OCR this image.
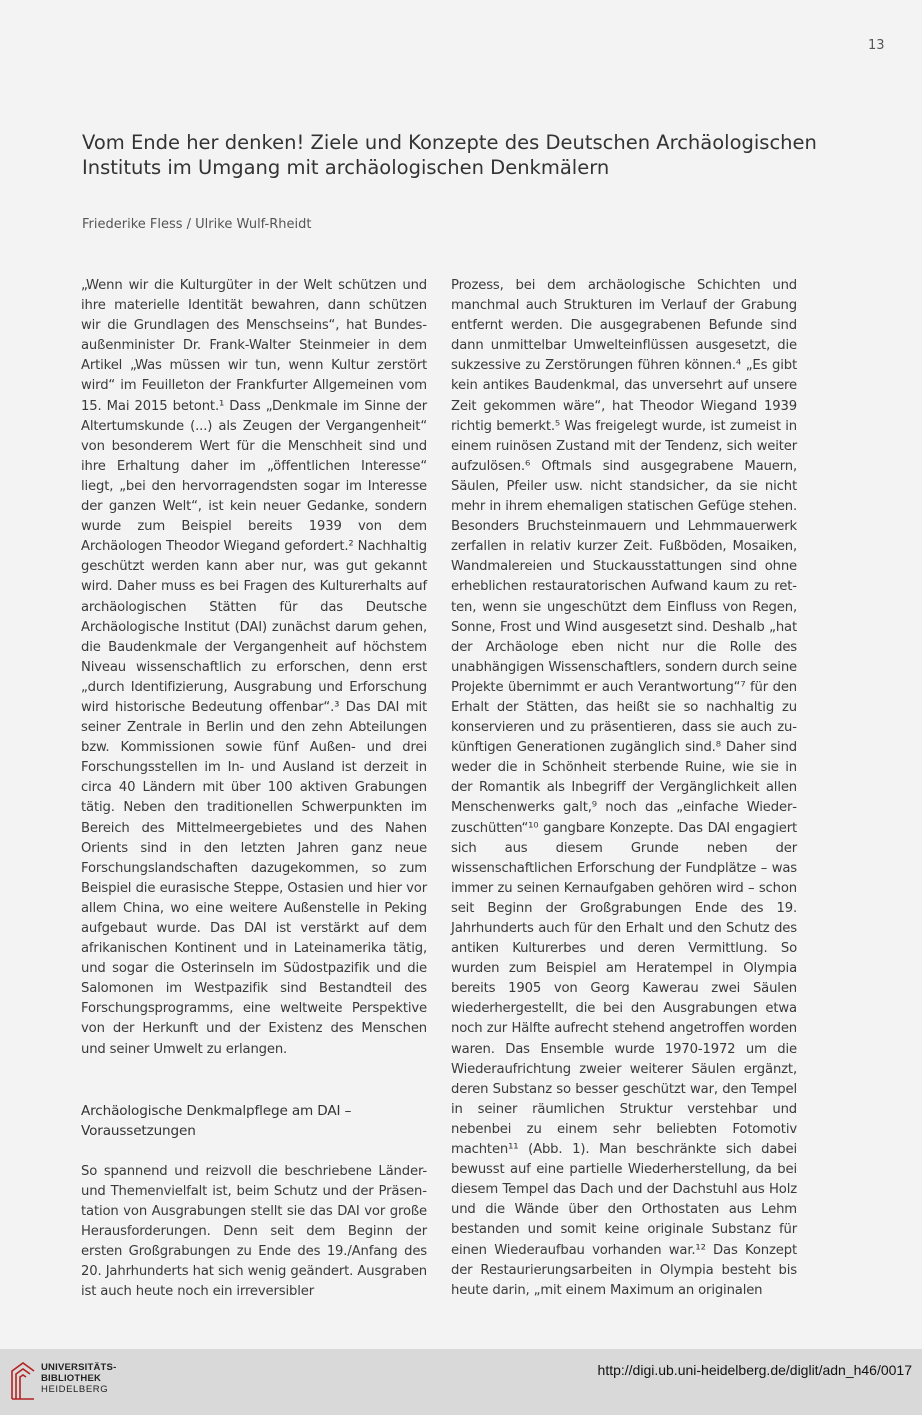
13
Vom Ende her denken! Ziele und Konzepte des Deutschen Archäologischen
Instituts im Umgang mit archäologischen Denkmälern
Friederike Fless / Ulrike Wulf-Rheidt

„Wenn wir die Kulturgüter in der Welt schützen und ihre materielle Identität bewahren, dann schützen wir die Grundlagen des Menschseins“, hat Bundesaußenminister Dr. Frank-Walter Steinmeier in dem Artikel „Was müssen wir tun, wenn Kultur zerstört wird“ im Feuilleton der Frankfurter Allgemeinen vom 15. Mai 2015 betont.¹ Dass „Denkmale im Sinne der Altertumskunde (...) als Zeugen der Vergangenheit“ von besonderem Wert für die Menschheit sind und ihre Erhaltung daher im „öffentlichen Interesse“ liegt, „bei den hervorragendsten sogar im Interesse der ganzen Welt“, ist kein neuer Gedanke, sondern wurde zum Beispiel bereits 1939 von dem Archäologen Theodor Wiegand gefordert.² Nachhaltig geschützt werden kann aber nur, was gut gekannt wird. Daher muss es bei Fragen des Kulturerhalts auf archäologischen Stätten für das Deutsche Archäologische Institut (DAI) zunächst darum gehen, die Baudenkmale der Vergangenheit auf höchstem Niveau wissenschaftlich zu erforschen, denn erst „durch Identifizierung, Ausgrabung und Erforschung wird historische Bedeutung offenbar“.³ Das DAI mit seiner Zentrale in Berlin und den zehn Abteilungen bzw. Kommissionen sowie fünf Außen- und drei Forschungsstellen im In- und Ausland ist derzeit in circa 40 Ländern mit über 100 aktiven Grabungen tätig. Neben den traditionellen Schwerpunkten im Bereich des Mittelmeergebietes und des Nahen Orients sind in den letzten Jahren ganz neue Forschungslandschaften dazugekommen, so zum Beispiel die eurasische Steppe, Ostasien und hier vor allem China, wo eine weitere Außenstelle in Peking aufgebaut wurde. Das DAI ist verstärkt auf dem afrikanischen Kontinent und in Lateinamerika tätig, und sogar die Osterinseln im Südostpazifik und die Salomonen im Westpazifik sind Bestandteil des Forschungsprogramms, eine weltweite Perspektive von der Herkunft und der Existenz des Menschen und seiner Umwelt zu erlangen.

Archäologische Denkmalpflege am DAI – Voraussetzungen

So spannend und reizvoll die beschriebene Länder- und Themenvielfalt ist, beim Schutz und der Präsentation von Ausgrabungen stellt sie das DAI vor große Herausforderungen. Denn seit dem Beginn der ersten Großgrabungen zu Ende des 19./Anfang des 20. Jahrhunderts hat sich wenig geändert. Ausgraben ist auch heute noch ein irreversibler

Prozess, bei dem archäologische Schichten und manchmal auch Strukturen im Verlauf der Grabung entfernt werden. Die ausgegrabenen Befunde sind dann unmittelbar Umwelteinflüssen ausgesetzt, die sukzessive zu Zerstörungen führen können.⁴ „Es gibt kein antikes Baudenkmal, das unversehrt auf unsere Zeit gekommen wäre“, hat Theodor Wiegand 1939 richtig bemerkt.⁵ Was freigelegt wurde, ist zumeist in einem ruinösen Zustand mit der Tendenz, sich weiter aufzulösen.⁶ Oftmals sind ausgegrabene Mauern, Säulen, Pfeiler usw. nicht standsicher, da sie nicht mehr in ihrem ehemaligen statischen Gefüge stehen. Besonders Bruchsteinmauern und Lehmmauerwerk zerfallen in relativ kurzer Zeit. Fußböden, Mosaiken, Wandmalereien und Stuckausstattungen sind ohne erheblichen restauratorischen Aufwand kaum zu retten, wenn sie ungeschützt dem Einfluss von Regen, Sonne, Frost und Wind ausgesetzt sind. Deshalb „hat der Archäologe eben nicht nur die Rolle des unabhängigen Wissenschaftlers, sondern durch seine Projekte übernimmt er auch Verantwortung“⁷ für den Erhalt der Stätten, das heißt sie so nachhaltig zu konservieren und zu präsentieren, dass sie auch zukünftigen Generationen zugänglich sind.⁸ Daher sind weder die in Schönheit sterbende Ruine, wie sie in der Romantik als Inbegriff der Vergänglichkeit allen Menschenwerks galt,⁹ noch das „einfache Wiederzuschütten“¹⁰ gangbare Konzepte. Das DAI engagiert sich aus diesem Grunde neben der wissenschaftlichen Erforschung der Fundplätze – was immer zu seinen Kernaufgaben gehören wird – schon seit Beginn der Großgrabungen Ende des 19. Jahrhunderts auch für den Erhalt und den Schutz des antiken Kulturerbes und deren Vermittlung. So wurden zum Beispiel am Heratempel in Olympia bereits 1905 von Georg Kawerau zwei Säulen wiederhergestellt, die bei den Ausgrabungen etwa noch zur Hälfte aufrecht stehend angetroffen worden waren. Das Ensemble wurde 1970-1972 um die Wiederaufrichtung zweier weiterer Säulen ergänzt, deren Substanz so besser geschützt war, den Tempel in seiner räumlichen Struktur verstehbar und nebenbei zu einem sehr beliebten Fotomotiv machten¹¹ (Abb. 1). Man beschränkte sich dabei bewusst auf eine partielle Wiederherstellung, da bei diesem Tempel das Dach und der Dachstuhl aus Holz und die Wände über den Orthostaten aus Lehm bestanden und somit keine originale Substanz für einen Wiederaufbau vorhanden war.¹² Das Konzept der Restaurierungsarbeiten in Olympia besteht bis heute darin, „mit einem Maximum an originalen

UNIVERSITÄTS-
BIBLIOTHEK
HEIDELBERG
http://digi.ub.uni-heidelberg.de/diglit/adn_h46/0017
